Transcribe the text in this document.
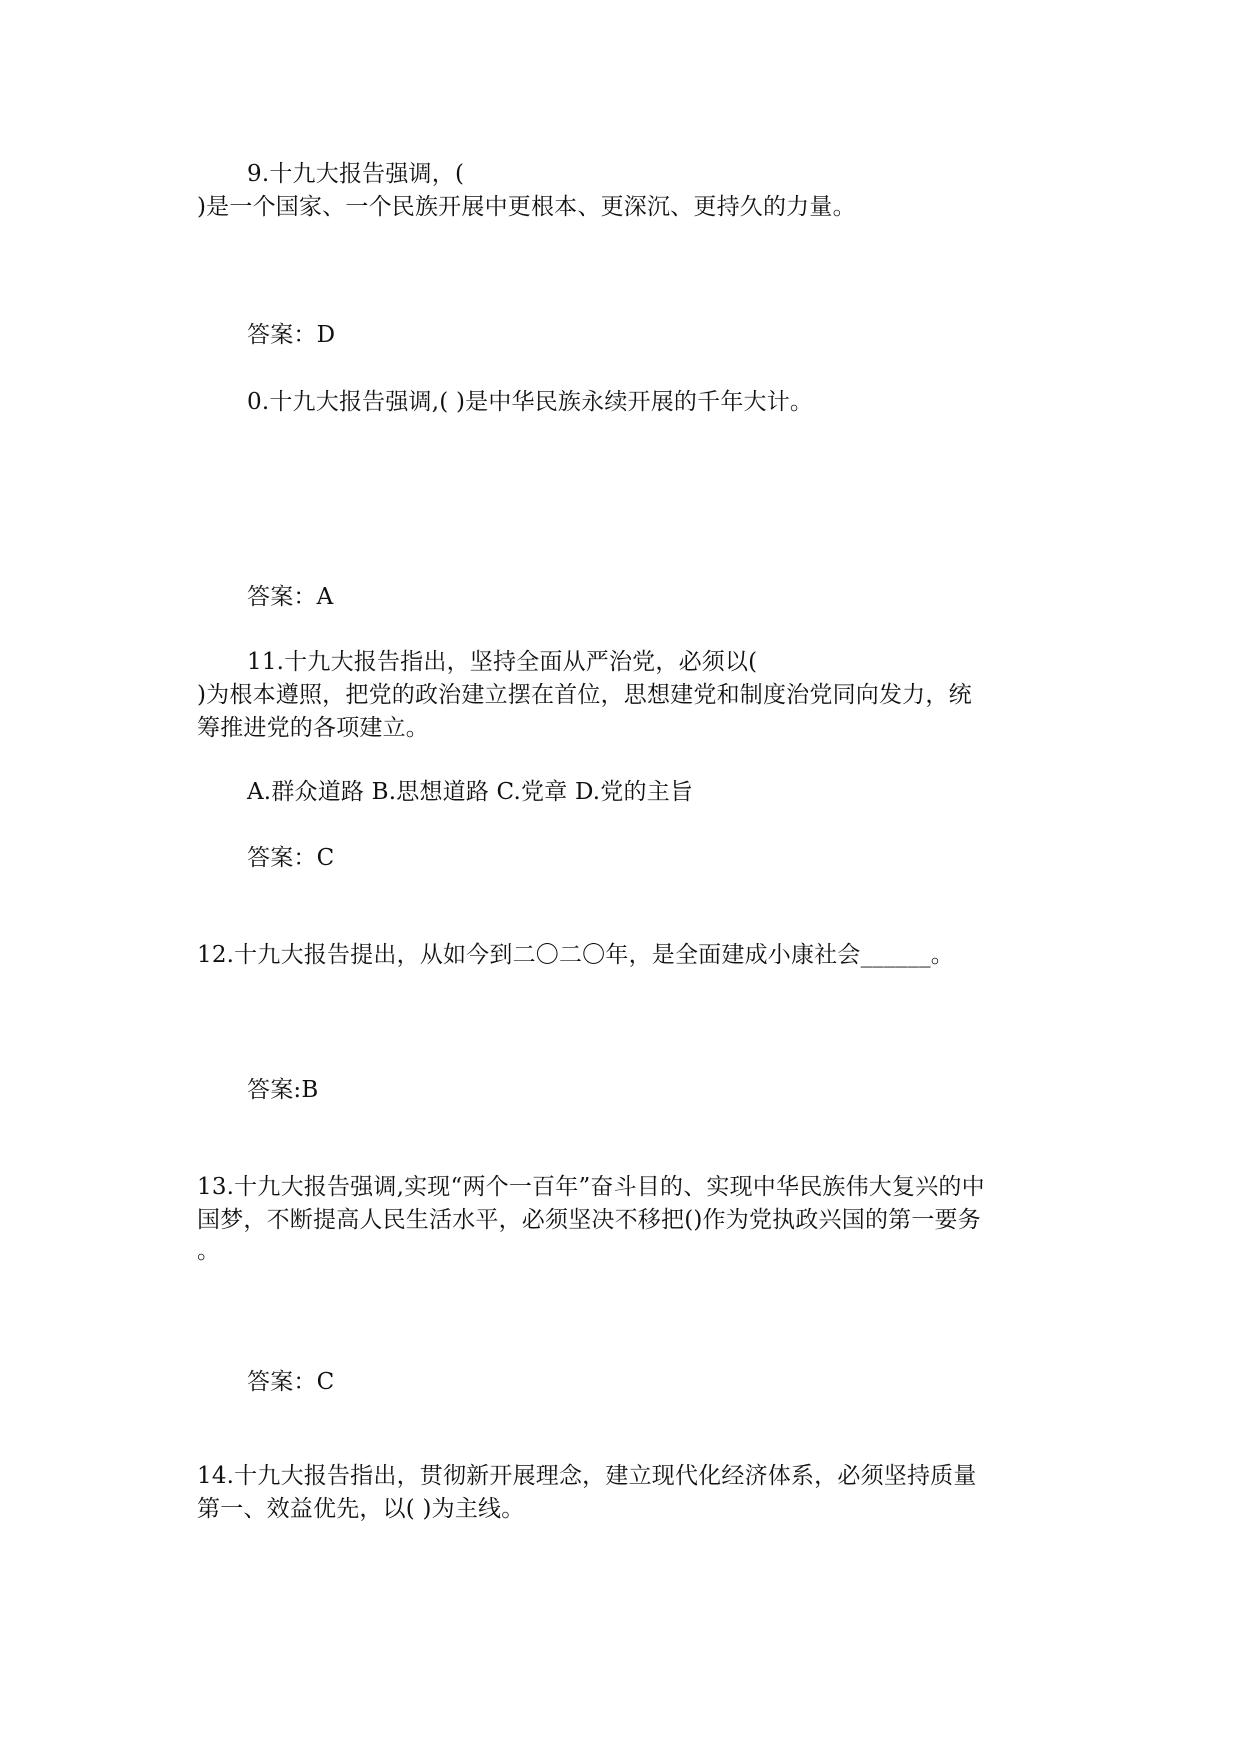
9.十九大报告强调，(
)是一个国家、一个民族开展中更根本、更深沉、更持久的力量。
答案：D
0.十九大报告强调,( )是中华民族永续开展的千年大计。
答案：A
11.十九大报告指出，坚持全面从严治党，必须以(
)为根本遵照，把党的政治建立摆在首位，思想建党和制度治党同向发力，统
筹推进党的各项建立。
A.群众道路 B.思想道路 C.党章 D.党的主旨
答案：C
12.十九大报告提出，从如今到二〇二〇年，是全面建成小康社会______。
答案:B
13.十九大报告强调,实现“两个一百年”奋斗目的、实现中华民族伟大复兴的中
国梦，不断提高人民生活水平，必须坚决不移把()作为党执政兴国的第一要务
。
答案：C
14.十九大报告指出，贯彻新开展理念，建立现代化经济体系，必须坚持质量
第一、效益优先，以( )为主线。
